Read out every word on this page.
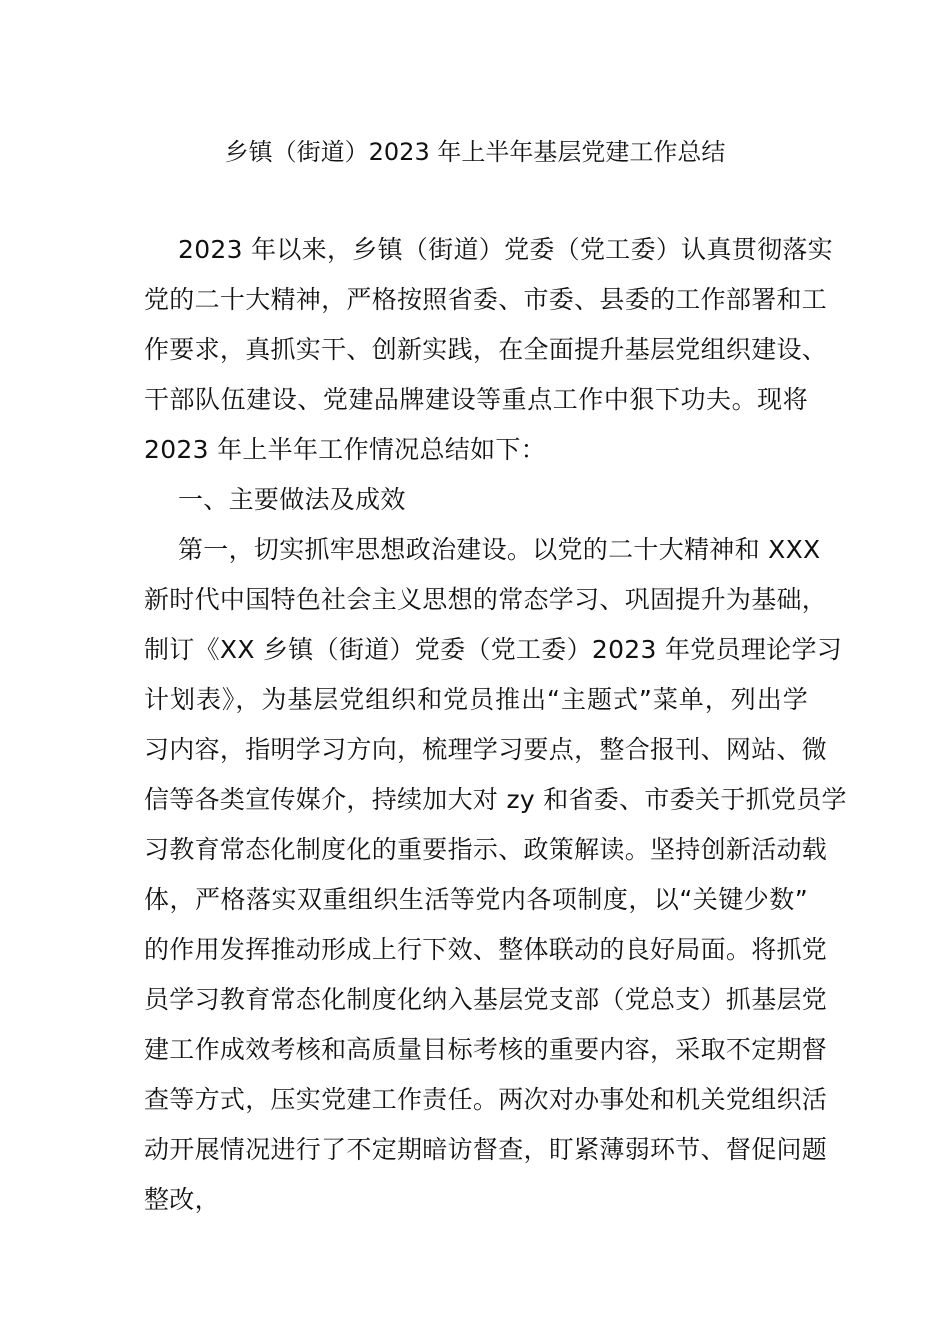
乡镇（街道）2023 年上半年基层党建工作总结
2023 年以来，乡镇（街道）党委（党工委）认真贯彻落实
党的二十大精神，严格按照省委、市委、县委的工作部署和工
作要求，真抓实干、创新实践，在全面提升基层党组织建设、
干部队伍建设、党建品牌建设等重点工作中狠下功夫。现将
2023 年上半年工作情况总结如下：
一、主要做法及成效
第一，切实抓牢思想政治建设。以党的二十大精神和 XXX
新时代中国特色社会主义思想的常态学习、巩固提升为基础，
制订《XX 乡镇（街道）党委（党工委）2023 年党员理论学习
计划表》，为基层党组织和党员推出“主题式”菜单，列出学
习内容，指明学习方向，梳理学习要点，整合报刊、网站、微
信等各类宣传媒介，持续加大对 zy 和省委、市委关于抓党员学
习教育常态化制度化的重要指示、政策解读。坚持创新活动载
体，严格落实双重组织生活等党内各项制度，以“关键少数”
的作用发挥推动形成上行下效、整体联动的良好局面。将抓党
员学习教育常态化制度化纳入基层党支部（党总支）抓基层党
建工作成效考核和高质量目标考核的重要内容，采取不定期督
查等方式，压实党建工作责任。两次对办事处和机关党组织活
动开展情况进行了不定期暗访督查，盯紧薄弱环节、督促问题
整改，
